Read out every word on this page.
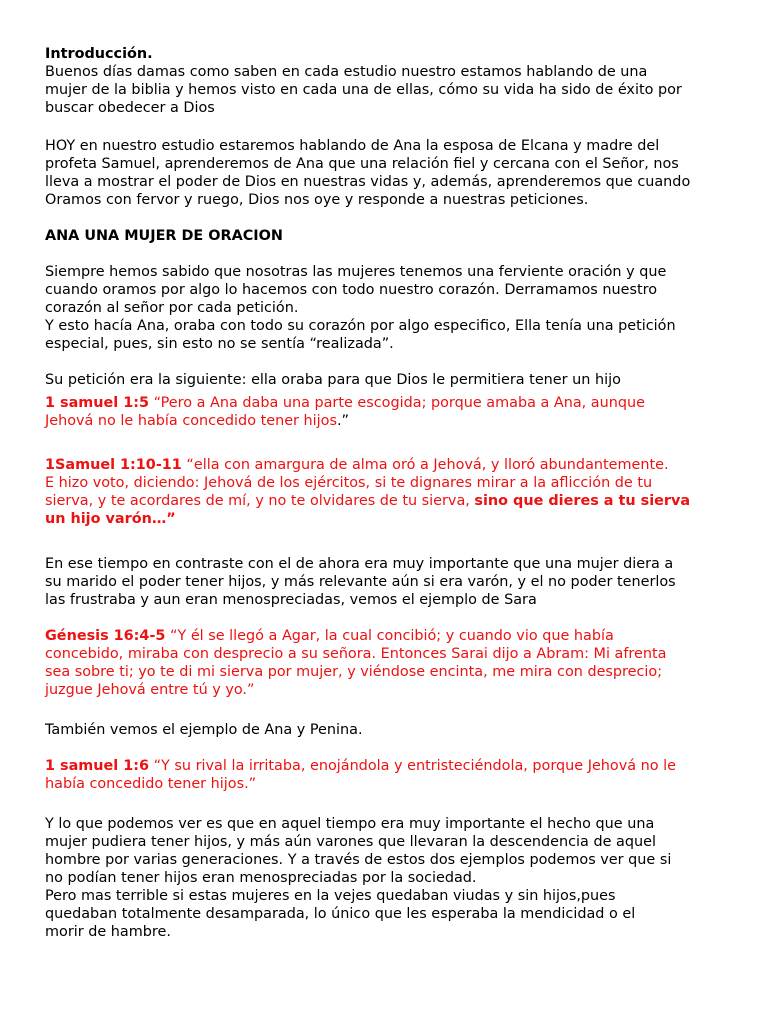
Introducción.
Buenos días damas como saben en cada estudio nuestro estamos hablando de una
mujer de la biblia y hemos visto en cada una de ellas, cómo su vida ha sido de éxito por
buscar obedecer a Dios
HOY en nuestro estudio estaremos hablando de Ana la esposa de Elcana y madre del
profeta Samuel, aprenderemos de Ana que una relación fiel y cercana con el Señor, nos
lleva a mostrar el poder de Dios en nuestras vidas y, además, aprenderemos que cuando
Oramos con fervor y ruego, Dios nos oye y responde a nuestras peticiones.
ANA UNA MUJER DE ORACION
Siempre hemos sabido que nosotras las mujeres tenemos una ferviente oración y que
cuando oramos por algo lo hacemos con todo nuestro corazón. Derramamos nuestro
corazón al señor por cada petición.
Y esto hacía Ana, oraba con todo su corazón por algo especifico, Ella tenía una petición
especial, pues, sin esto no se sentía “realizada”.
Su petición era la siguiente: ella oraba para que Dios le permitiera tener un hijo
1 samuel 1:5 “Pero a Ana daba una parte escogida; porque amaba a Ana, aunque
Jehová no le había concedido tener hijos.”
1Samuel 1:10-11 “ella con amargura de alma oró a Jehová, y lloró abundantemente.
E hizo voto, diciendo: Jehová de los ejércitos, si te dignares mirar a la aflicción de tu
sierva, y te acordares de mí, y no te olvidares de tu sierva, sino que dieres a tu sierva
un hijo varón…”
En ese tiempo en contraste con el de ahora era muy importante que una mujer diera a
su marido el poder tener hijos, y más relevante aún si era varón, y el no poder tenerlos
las frustraba y aun eran menospreciadas, vemos el ejemplo de Sara
Génesis 16:4-5 “Y él se llegó a Agar, la cual concibió; y cuando vio que había
concebido, miraba con desprecio a su señora. Entonces Sarai dijo a Abram: Mi afrenta
sea sobre ti; yo te di mi sierva por mujer, y viéndose encinta, me mira con desprecio;
juzgue Jehová entre tú y yo.”
También vemos el ejemplo de Ana y Penina.
1 samuel 1:6 “Y su rival la irritaba, enojándola y entristeciéndola, porque Jehová no le
había concedido tener hijos.”
Y lo que podemos ver es que en aquel tiempo era muy importante el hecho que una
mujer pudiera tener hijos, y más aún varones que llevaran la descendencia de aquel
hombre por varias generaciones. Y a través de estos dos ejemplos podemos ver que si
no podían tener hijos eran menospreciadas por la sociedad.
Pero mas terrible si estas mujeres en la vejes quedaban viudas y sin hijos,pues
quedaban totalmente desamparada, lo único que les esperaba la mendicidad o el
morir de hambre.
